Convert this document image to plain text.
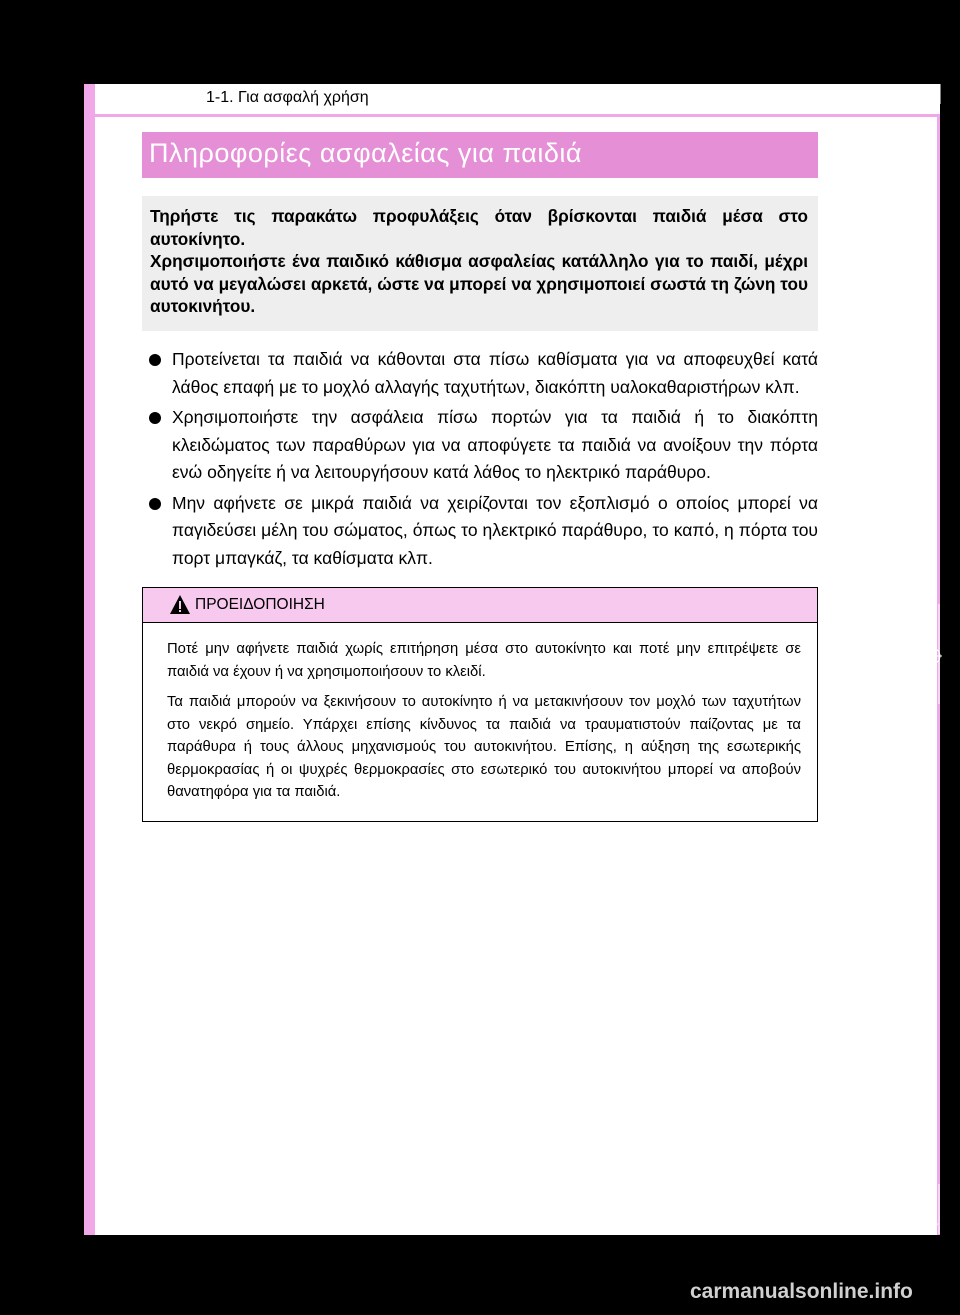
1-1. Για ασφαλή χρήση
Πληροφορίες ασφαλείας για παιδιά

Τηρήστε τις παρακάτω προφυλάξεις όταν βρίσκονται παιδιά μέσα στο αυτοκίνητο.

Χρησιμοποιήστε ένα παιδικό κάθισμα ασφαλείας κατάλληλο για το παιδί, μέχρι αυτό να μεγαλώσει αρκετά, ώστε να μπορεί να χρησιμοποιεί σωστά τη ζώνη του αυτοκινήτου.

Προτείνεται τα παιδιά να κάθονται στα πίσω καθίσματα για να αποφευχθεί κατά λάθος επαφή με το μοχλό αλλαγής ταχυτήτων, διακόπτη υαλοκαθαριστήρων κλπ.
Χρησιμοποιήστε την ασφάλεια πίσω πορτών για τα παιδιά ή το διακόπτη κλειδώματος των παραθύρων για να αποφύγετε τα παιδιά να ανοίξουν την πόρτα ενώ οδηγείτε ή να λειτουργήσουν κατά λάθος το ηλεκτρικό παράθυρο.
Μην αφήνετε σε μικρά παιδιά να χειρίζονται τον εξοπλισμό ο οποίος μπορεί να παγιδεύσει μέλη του σώματος, όπως το ηλεκτρικό παράθυρο, το καπό, η πόρτα του πορτ μπαγκάζ, τα καθίσματα κλπ.
ΠΡΟΕΙΔΟΠΟΙΗΣΗ

Ποτέ μην αφήνετε παιδιά χωρίς επιτήρηση μέσα στο αυτοκίνητο και ποτέ μην επιτρέψετε σε παιδιά να έχουν ή να χρησιμοποιήσουν το κλειδί.

Τα παιδιά μπορούν να ξεκινήσουν το αυτοκίνητο ή να μετακινήσουν τον μοχλό των ταχυτήτων στο νεκρό σημείο. Υπάρχει επίσης κίνδυνος τα παιδιά να τραυματιστούν παίζοντας με τα παράθυρα ή τους άλλους μηχανισμούς του αυτοκινήτου. Επίσης, η αύξηση της εσωτερικής θερμοκρασίας ή οι ψυχρές θερμοκρασίες στο εσωτερικό του αυτοκινήτου μπορεί να αποβούν θανατηφόρα για τα παιδιά.

carmanualsonline.info
